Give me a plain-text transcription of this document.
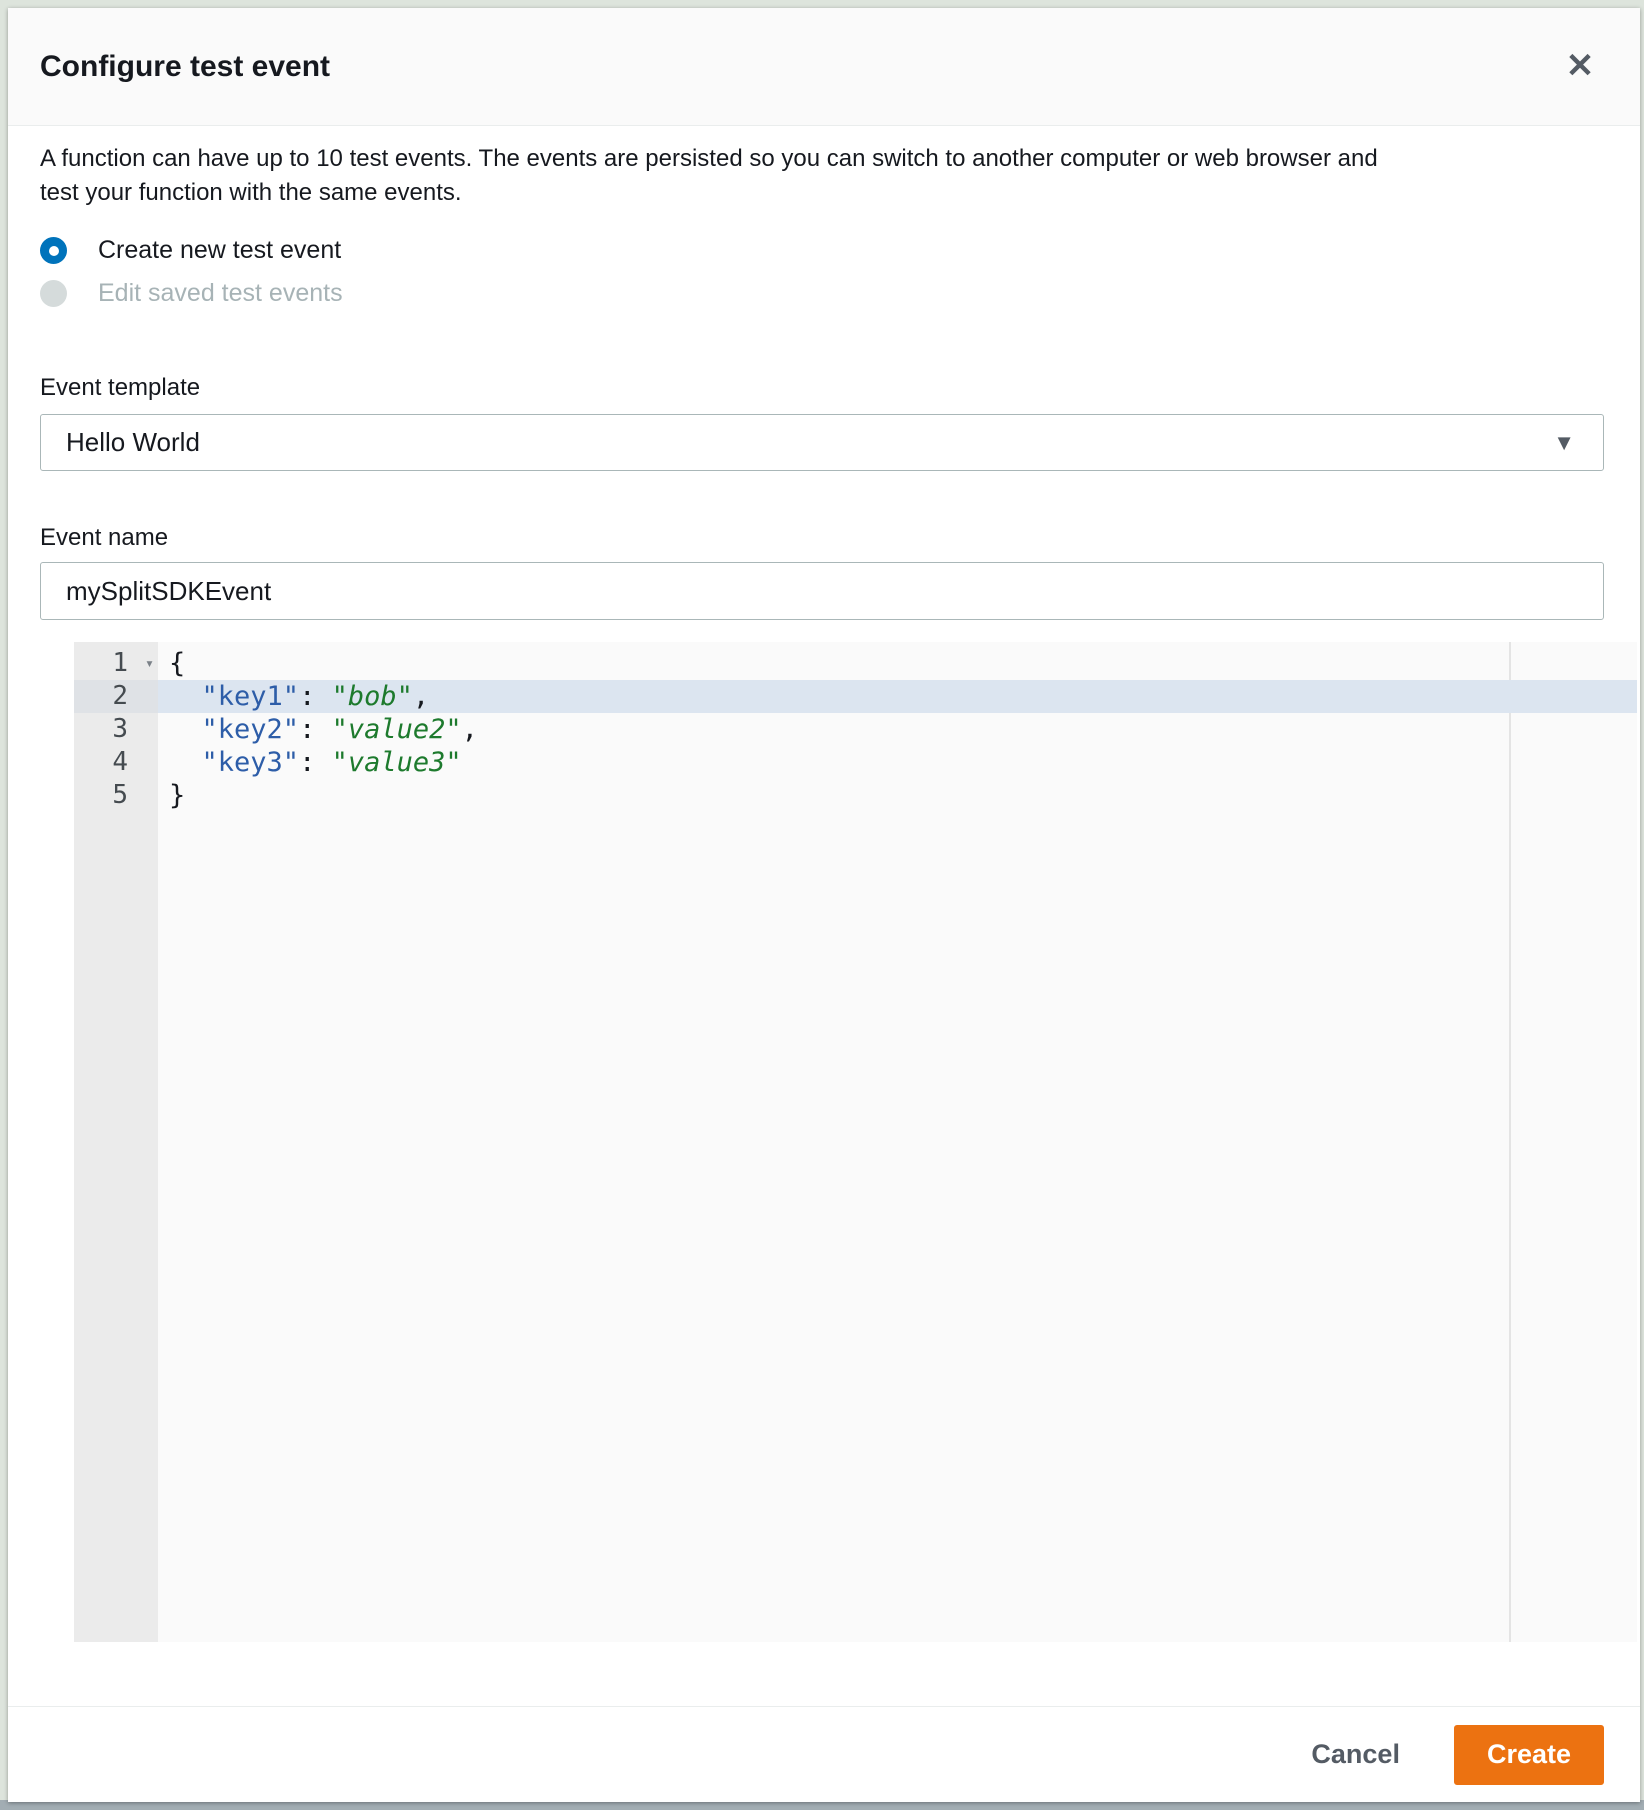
Configure test event	✕

A function can have up to 10 test events. The events are persisted so you can switch to another computer or web browser and test your function with the same events.

Create new test event
Edit saved test events
Event template
Hello World	▼
Event name
mySplitSDKEvent
1 ▾ {
2	"key1": "bob",
3	"key2": "value2",
4	"key3": "value3"
5	}
Cancel	Create
